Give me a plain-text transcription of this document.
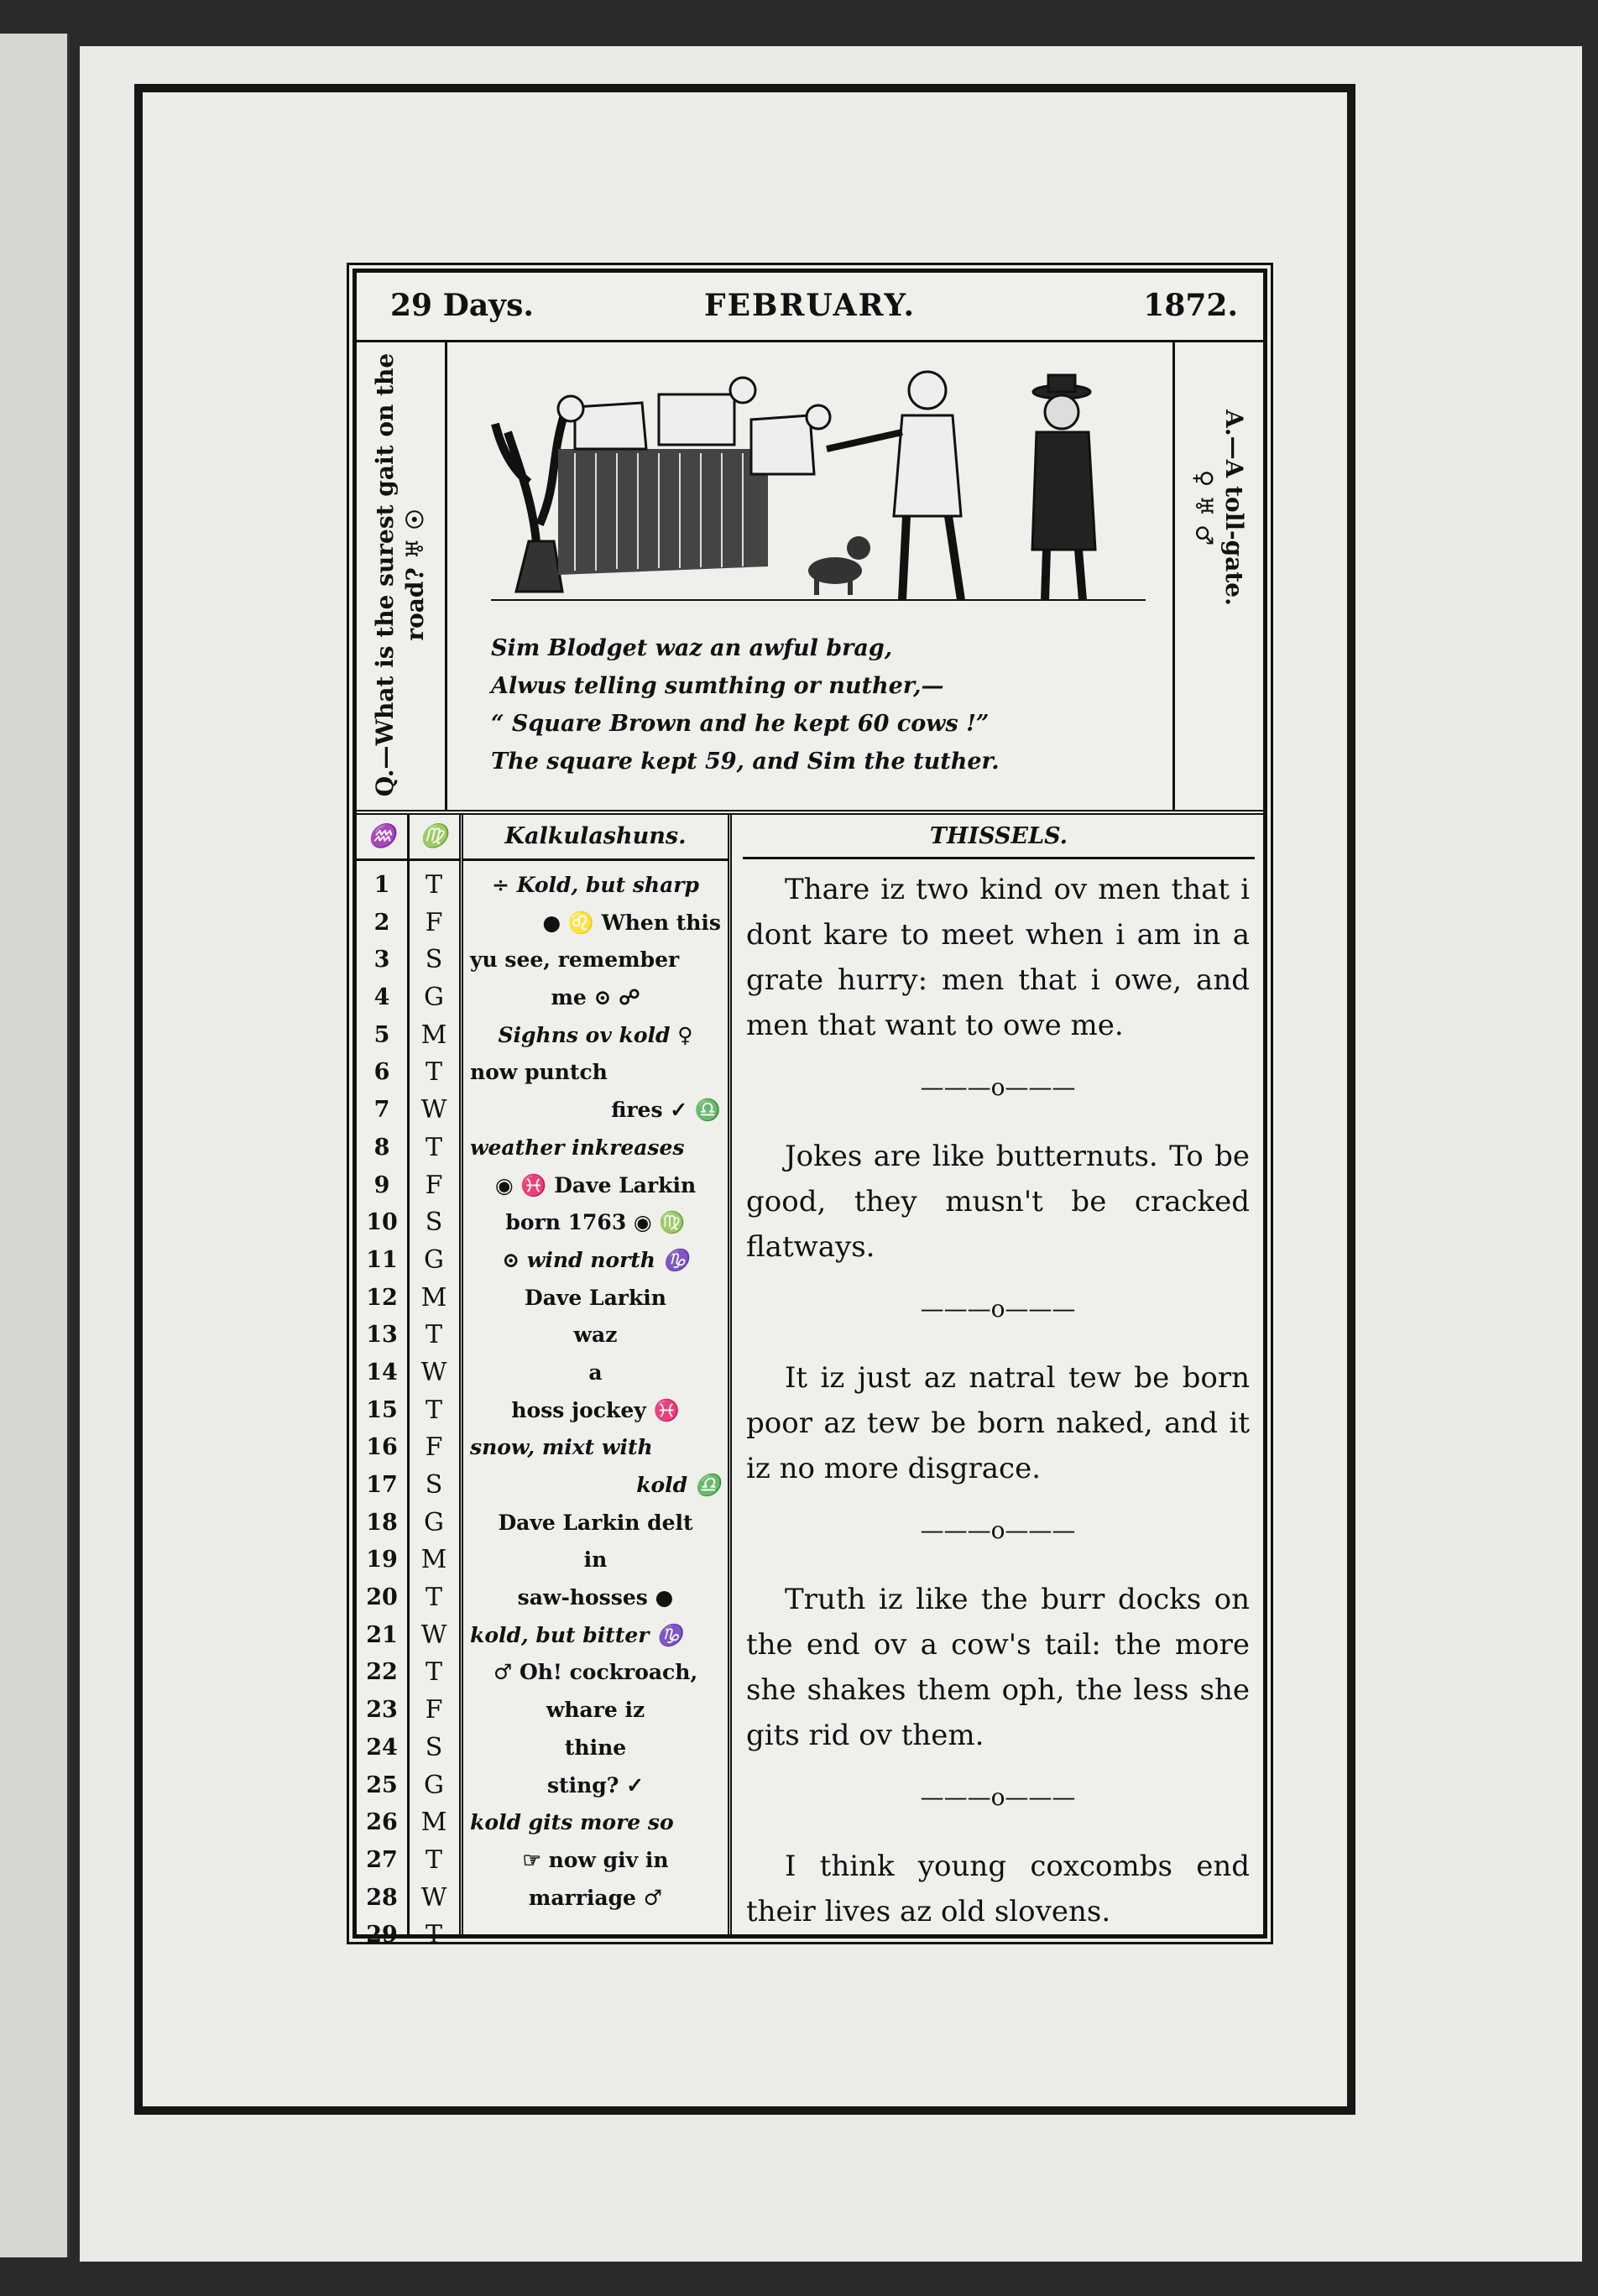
29 Days.	FEBRUARY.	1872.
Q.—What is the surest gait on the road? ♅ ☉
Sim Blodget waz an awful brag,
Alwus telling sumthing or nuther,—
“ Square Brown and he kept 60 cows !”
The square kept 59, and Sim the tuther.
A.—A toll-gate.
♀ ♅ ♂
♒
1
2
3
4
5
6
7
8
9
10
11
12
13
14
15
16
17
18
19
20
21
22
23
24
25
26
27
28
29
♍
T
F
S
G
M
T
W
T
F
S
G
M
T
W
T
F
S
G
M
T
W
T
F
S
G
M
T
W
T
Kalkulashuns.
÷ Kold, but sharp
● ♌ When this
yu see, remember
me ⊙ ☍
Sighns ov kold ♀
now puntch
fires ✓ ♎
weather inkreases
◉ ♓ Dave Larkin
born 1763 ◉ ♍
⊙ wind north ♑
Dave Larkin
waz
a
hoss jockey ♓
snow, mixt with
kold ♎
Dave Larkin delt
in
saw-hosses ●
kold, but bitter ♑
♂ Oh! cockroach,
whare iz
thine
sting? ✓
kold gits more so
☞ now giv in
marriage ♂
THISSELS.
Thare iz two kind ov men that i dont kare to meet when i am in a grate hurry: men that i owe, and men that want to owe me.
———o———
Jokes are like butternuts. To be good, they musn't be cracked flatways.
———o———
It iz just az natral tew be born poor az tew be born naked, and it iz no more disgrace.
———o———
Truth iz like the burr docks on the end ov a cow's tail: the more she shakes them oph, the less she gits rid ov them.
———o———
I think young coxcombs end their lives az old slovens.
